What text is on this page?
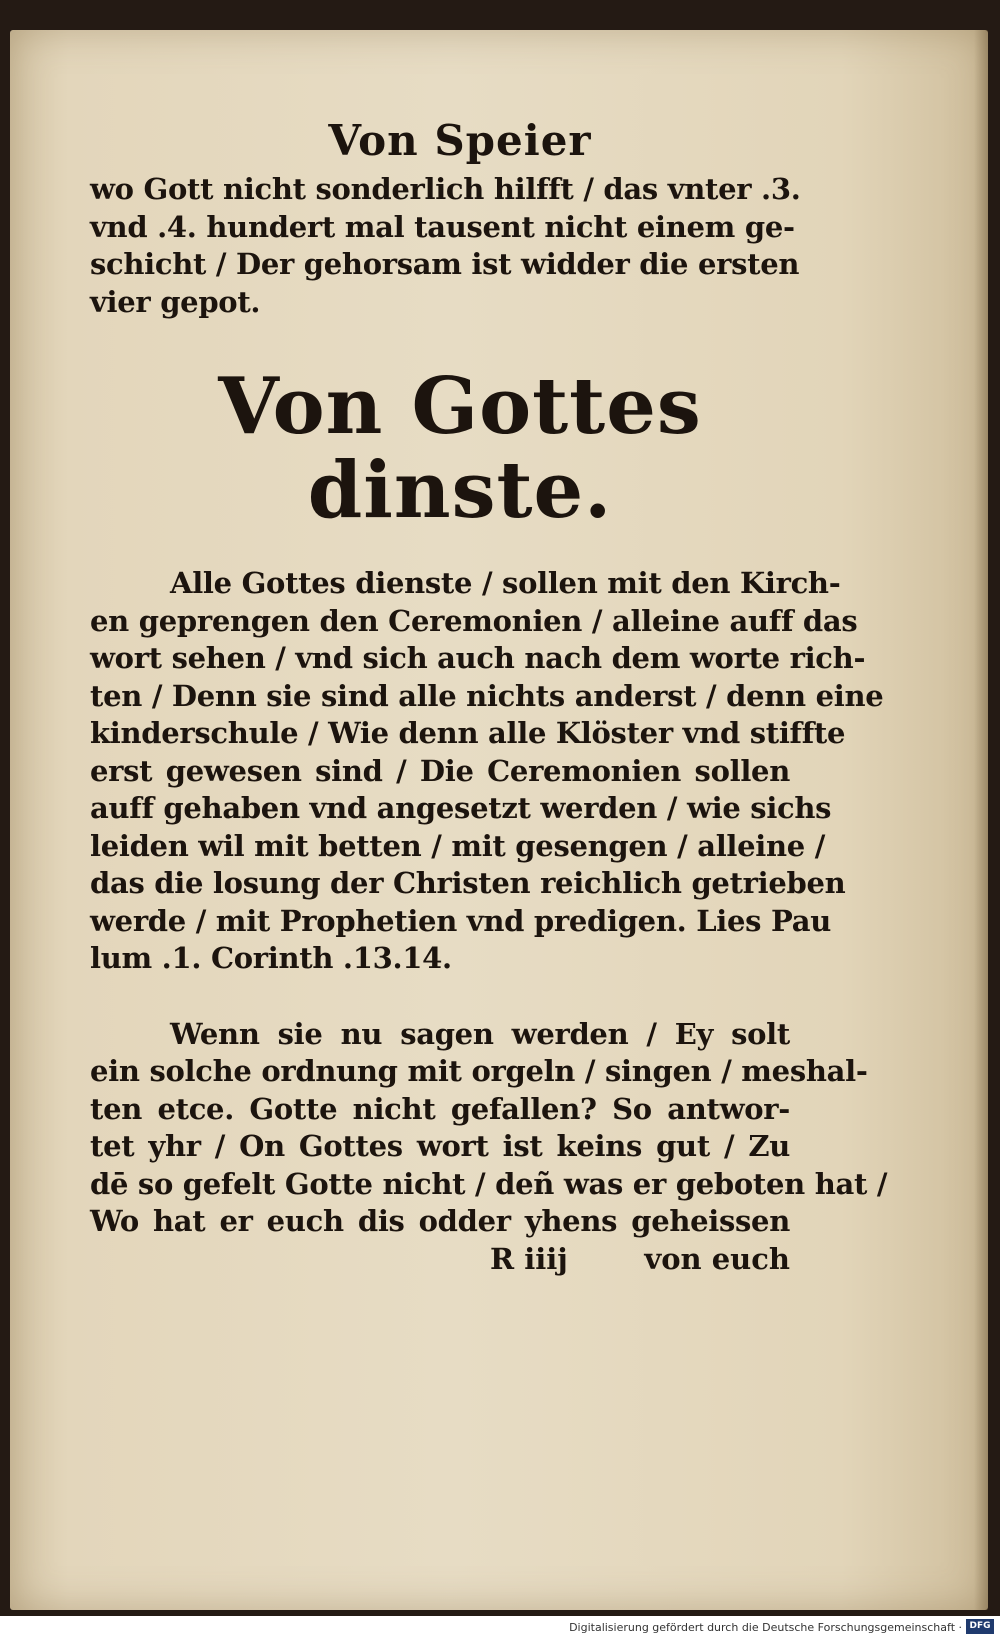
Von Speier
wo Gott nicht sonderlich hilfft / das vnter .3.
vnd .4. hundert mal tausent nicht einem ge-
schicht / Der gehorsam ist widder die ersten
vier gepot.
Von Gottes
dinste.
Alle Gottes dienste / sollen mit den Kirch-
en geprengen den Ceremonien / alleine auff das
wort sehen / vnd sich auch nach dem worte rich-
ten / Denn sie sind alle nichts anderst / denn eine
kinderschule / Wie denn alle Klöster vnd stiffte
erst gewesen sind / Die Ceremonien sollen
auff gehaben vnd angesetzt werden / wie sichs
leiden wil mit betten / mit gesengen / alleine /
das die losung der Christen reichlich getrieben
werde / mit Prophetien vnd predigen. Lies Pau
lum .1. Corinth .13.14.
Wenn sie nu sagen werden / Ey solt
ein solche ordnung mit orgeln / singen / meshal-
ten etce. Gotte nicht gefallen? So antwor-
tet yhr / On Gottes wort ist keins gut / Zu
dē so gefelt Gotte nicht / deñ was er geboten hat /
Wo hat er euch dis odder yhens geheissen
R iiij	von euch
Digitalisierung gefördert durch die Deutsche Forschungsgemeinschaft · DFG
